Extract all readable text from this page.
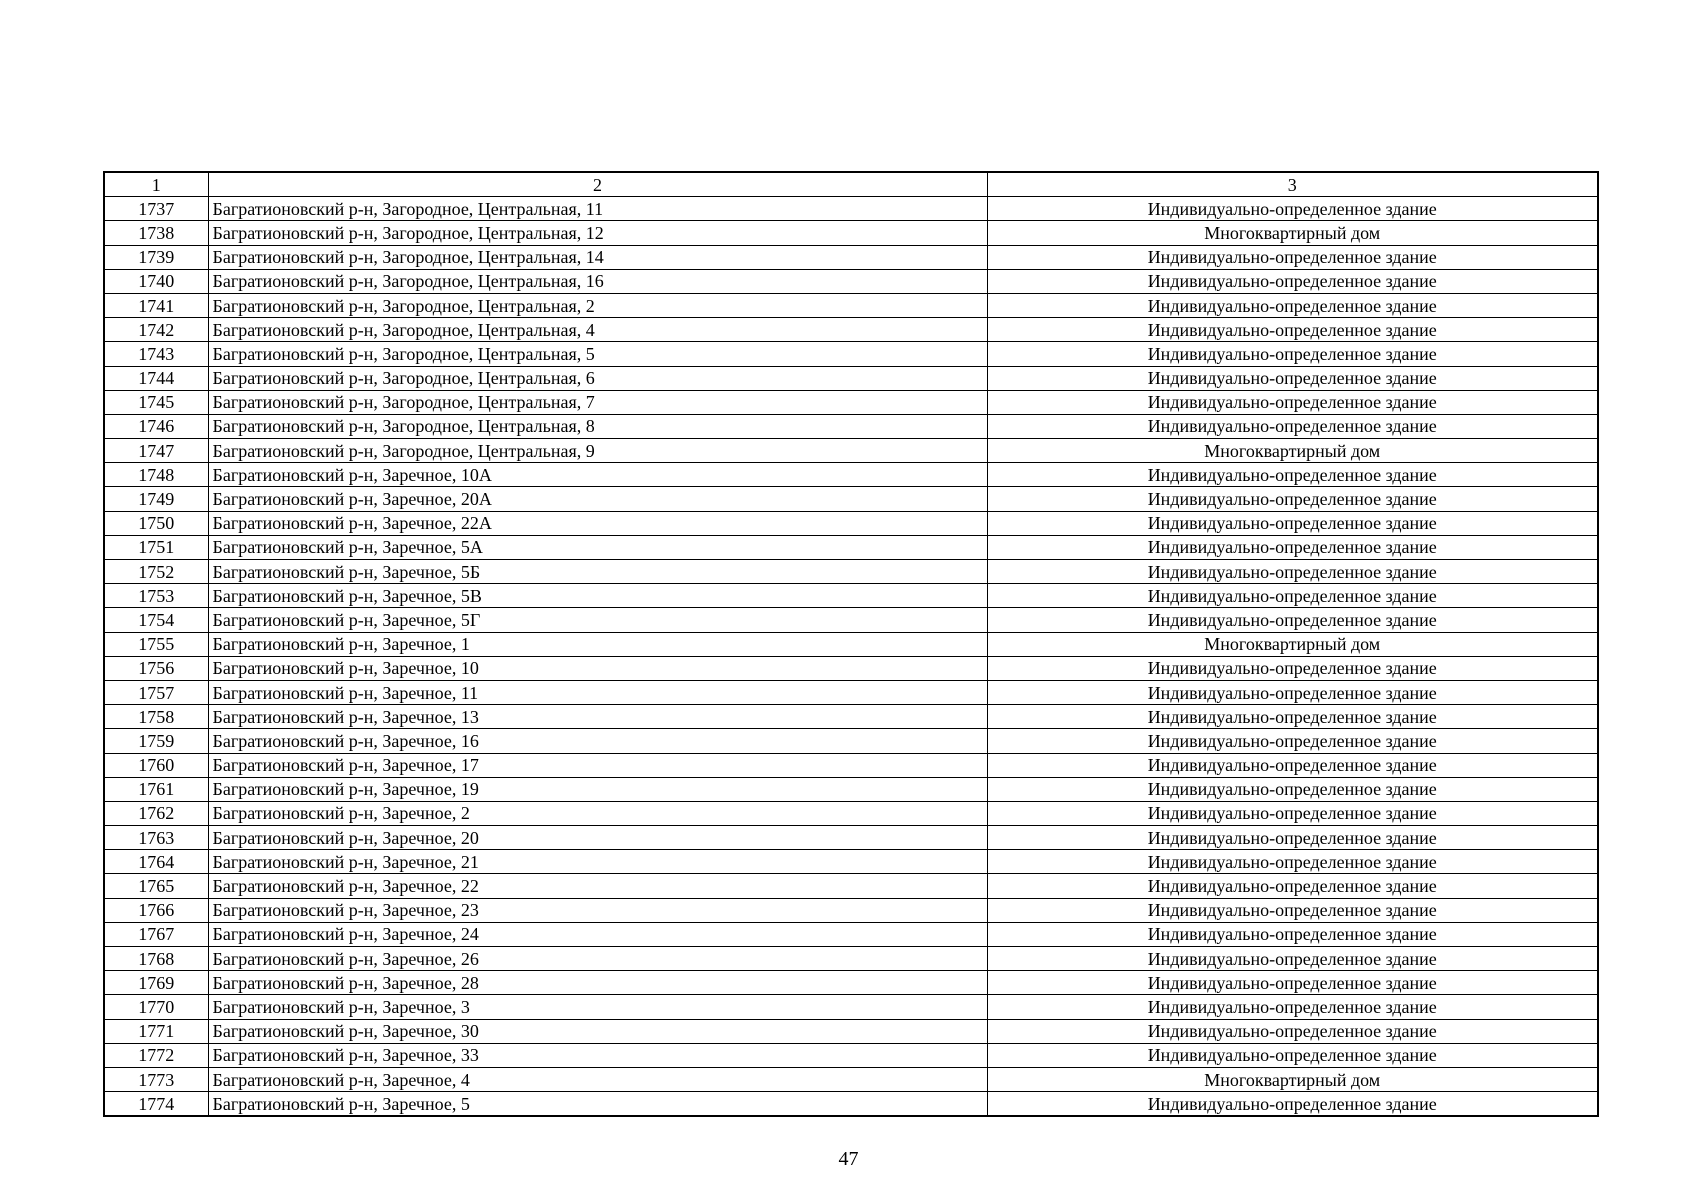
1	2	3
1737	Багратионовский р-н, Загородное, Центральная, 11	Индивидуально-определенное здание
1738	Багратионовский р-н, Загородное, Центральная, 12	Многоквартирный дом
1739	Багратионовский р-н, Загородное, Центральная, 14	Индивидуально-определенное здание
1740	Багратионовский р-н, Загородное, Центральная, 16	Индивидуально-определенное здание
1741	Багратионовский р-н, Загородное, Центральная, 2	Индивидуально-определенное здание
1742	Багратионовский р-н, Загородное, Центральная, 4	Индивидуально-определенное здание
1743	Багратионовский р-н, Загородное, Центральная, 5	Индивидуально-определенное здание
1744	Багратионовский р-н, Загородное, Центральная, 6	Индивидуально-определенное здание
1745	Багратионовский р-н, Загородное, Центральная, 7	Индивидуально-определенное здание
1746	Багратионовский р-н, Загородное, Центральная, 8	Индивидуально-определенное здание
1747	Багратионовский р-н, Загородное, Центральная, 9	Многоквартирный дом
1748	Багратионовский р-н, Заречное, 10А	Индивидуально-определенное здание
1749	Багратионовский р-н, Заречное, 20А	Индивидуально-определенное здание
1750	Багратионовский р-н, Заречное, 22А	Индивидуально-определенное здание
1751	Багратионовский р-н, Заречное, 5А	Индивидуально-определенное здание
1752	Багратионовский р-н, Заречное, 5Б	Индивидуально-определенное здание
1753	Багратионовский р-н, Заречное, 5В	Индивидуально-определенное здание
1754	Багратионовский р-н, Заречное, 5Г	Индивидуально-определенное здание
1755	Багратионовский р-н, Заречное, 1	Многоквартирный дом
1756	Багратионовский р-н, Заречное, 10	Индивидуально-определенное здание
1757	Багратионовский р-н, Заречное, 11	Индивидуально-определенное здание
1758	Багратионовский р-н, Заречное, 13	Индивидуально-определенное здание
1759	Багратионовский р-н, Заречное, 16	Индивидуально-определенное здание
1760	Багратионовский р-н, Заречное, 17	Индивидуально-определенное здание
1761	Багратионовский р-н, Заречное, 19	Индивидуально-определенное здание
1762	Багратионовский р-н, Заречное, 2	Индивидуально-определенное здание
1763	Багратионовский р-н, Заречное, 20	Индивидуально-определенное здание
1764	Багратионовский р-н, Заречное, 21	Индивидуально-определенное здание
1765	Багратионовский р-н, Заречное, 22	Индивидуально-определенное здание
1766	Багратионовский р-н, Заречное, 23	Индивидуально-определенное здание
1767	Багратионовский р-н, Заречное, 24	Индивидуально-определенное здание
1768	Багратионовский р-н, Заречное, 26	Индивидуально-определенное здание
1769	Багратионовский р-н, Заречное, 28	Индивидуально-определенное здание
1770	Багратионовский р-н, Заречное, 3	Индивидуально-определенное здание
1771	Багратионовский р-н, Заречное, 30	Индивидуально-определенное здание
1772	Багратионовский р-н, Заречное, 33	Индивидуально-определенное здание
1773	Багратионовский р-н, Заречное, 4	Многоквартирный дом
1774	Багратионовский р-н, Заречное, 5	Индивидуально-определенное здание
47
